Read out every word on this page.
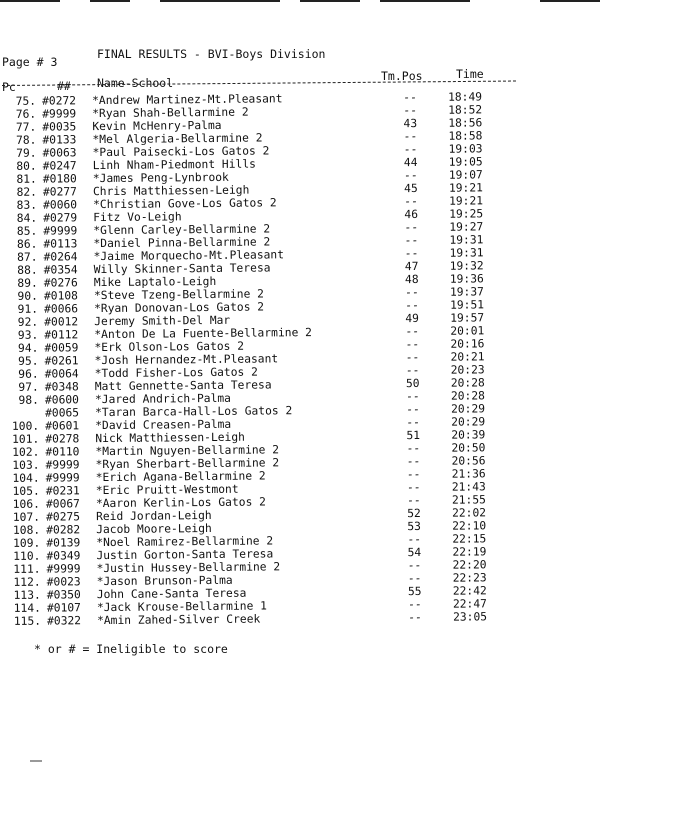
Page # 3
FINAL RESULTS - BVI-Boys Division
Pc	## Name-School	Tm.Pos	Time
75. #0272 *Andrew Martinez-Mt.Pleasant	--	18:49
76. #9999 *Ryan Shah-Bellarmine 2	--	18:52
77. #0035 Kevin McHenry-Palma	43	18:56
78. #0133 *Mel Algeria-Bellarmine 2	--	18:58
79. #0063 *Paul Paisecki-Los Gatos 2	--	19:03
80. #0247 Linh Nham-Piedmont Hills	44	19:05
81. #0180 *James Peng-Lynbrook	--	19:07
82. #0277 Chris Matthiessen-Leigh	45	19:21
83. #0060 *Christian Gove-Los Gatos 2	--	19:21
84. #0279 Fitz Vo-Leigh	46	19:25
85. #9999 *Glenn Carley-Bellarmine 2	--	19:27
86. #0113 *Daniel Pinna-Bellarmine 2	--	19:31
87. #0264 *Jaime Morquecho-Mt.Pleasant	--	19:31
88. #0354 Willy Skinner-Santa Teresa	47	19:32
89. #0276 Mike Laptalo-Leigh	48	19:36
90. #0108 *Steve Tzeng-Bellarmine 2	--	19:37
91. #0066 *Ryan Donovan-Los Gatos 2	--	19:51
92. #0012 Jeremy Smith-Del Mar	49	19:57
93. #0112 *Anton De La Fuente-Bellarmine 2	--	20:01
94. #0059 *Erk Olson-Los Gatos 2	--	20:16
95. #0261 *Josh Hernandez-Mt.Pleasant	--	20:21
96. #0064 *Todd Fisher-Los Gatos 2	--	20:23
97. #0348 Matt Gennette-Santa Teresa	50	20:28
98. #0600 *Jared Andrich-Palma	--	20:28
#0065 *Taran Barca-Hall-Los Gatos 2	--	20:29
100. #0601 *David Creasen-Palma	--	20:29
101. #0278 Nick Matthiessen-Leigh	51	20:39
102. #0110 *Martin Nguyen-Bellarmine 2	--	20:50
103. #9999 *Ryan Sherbart-Bellarmine 2	--	20:56
104. #9999 *Erich Agana-Bellarmine 2	--	21:36
105. #0231 *Eric Pruitt-Westmont	--	21:43
106. #0067 *Aaron Kerlin-Los Gatos 2	--	21:55
107. #0275 Reid Jordan-Leigh	52	22:02
108. #0282 Jacob Moore-Leigh	53	22:10
109. #0139 *Noel Ramirez-Bellarmine 2	--	22:15
110. #0349 Justin Gorton-Santa Teresa	54	22:19
111. #9999 *Justin Hussey-Bellarmine 2	--	22:20
112. #0023 *Jason Brunson-Palma	--	22:23
113. #0350 John Cane-Santa Teresa	55	22:42
114. #0107 *Jack Krouse-Bellarmine 1	--	22:47
115. #0322 *Amin Zahed-Silver Creek	--	23:05
* or # = Ineligible to score
